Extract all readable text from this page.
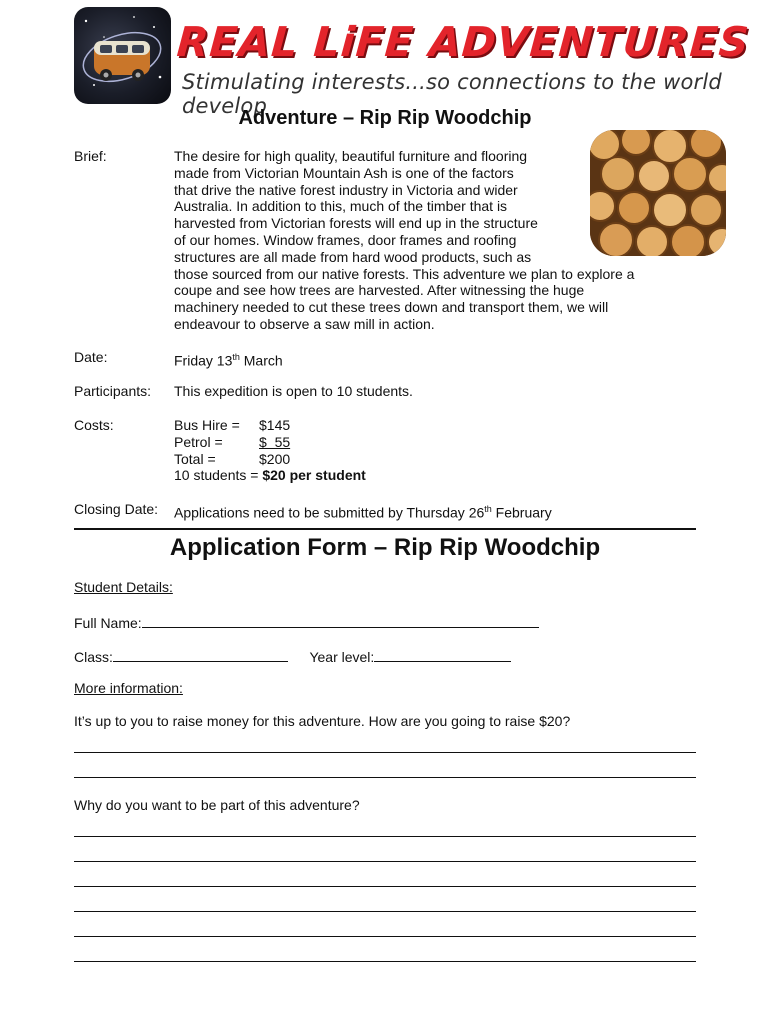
REAL LiFE ADVENTURES
Stimulating interests...so connections to the world develop
Adventure – Rip Rip Woodchip
Brief:	The desire for high quality, beautiful furniture and flooring
made from Victorian Mountain Ash is one of the factors
that drive the native forest industry in Victoria and wider
Australia. In addition to this, much of the timber that is
harvested from Victorian forests will end up in the structure
of our homes. Window frames, door frames and roofing
structures are all made from hard wood products, such as
those sourced from our native forests. This adventure we plan to explore a
coupe and see how trees are harvested. After witnessing the huge
machinery needed to cut these trees down and transport them, we will
endeavour to observe a saw mill in action.
Date:	Friday 13th March
Participants: This expedition is open to 10 students.
Costs:	Bus Hire = $145
Petrol =	$  55
Total =	$200
10 students = $20 per student
Closing Date: Applications need to be submitted by Thursday 26th February
Application Form – Rip Rip Woodchip
Student Details:
Full Name:
Class:	Year level:
More information:
It’s up to you to raise money for this adventure. How are you going to raise $20?
Why do you want to be part of this adventure?
